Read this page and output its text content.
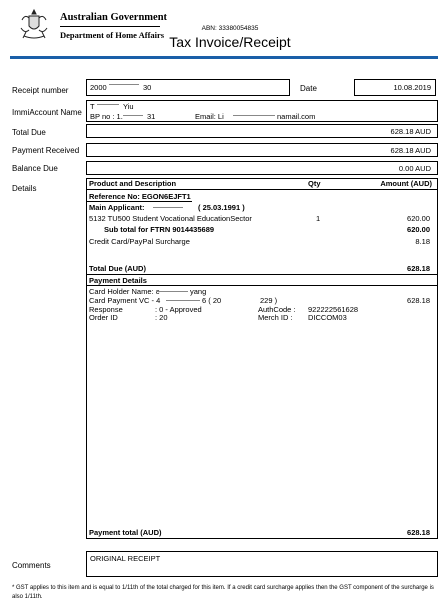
Australian Government
Department of Home Affairs
ABN: 33380054835
Tax Invoice/Receipt
Receipt number	2000	30	Date	10.08.2019
ImmiAccount Name
T	Yiu
BP no : 1.	31	Email: Li	namail.com
Total Due	628.18 AUD
Payment Received	628.18 AUD
Balance Due	0.00 AUD
Details
Product and Description	Qty	Amount (AUD)
Reference No: EGON6EJFT1
Main Applicant:	( 25.03.1991 )
5132 TU500 Student Vocational EducationSector	1	620.00
Sub total for FTRN 9014435689	620.00
Credit Card/PayPal Surcharge	8.18
Total Due (AUD)	628.18
Payment Details
Card Holder Name: c	yang
Card Payment VC - 4	6 ( 20	229 )	628.18
Response	: 0 - Approved	AuthCode : 922222561628
Order ID	: 20	Merch ID : DICCOM03
Payment total (AUD)	628.18
Comments
ORIGINAL RECEIPT
* GST applies to this item and is equal to 1/11th of the total charged for this item. If a credit card surcharge applies then the GST component of the surcharge is also 1/11th.
